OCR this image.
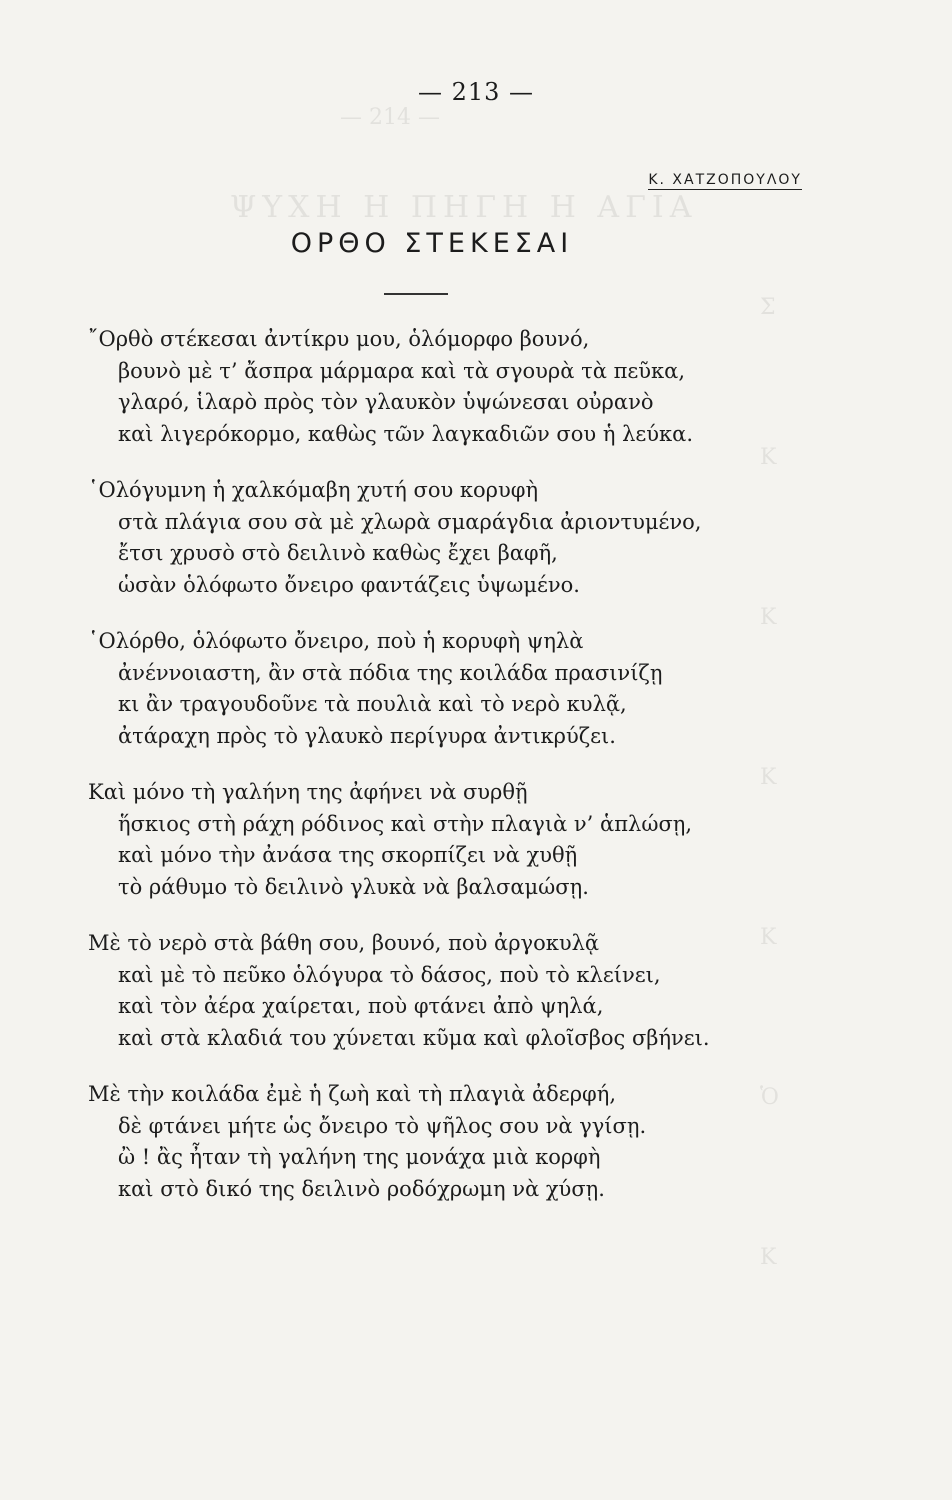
— 214 —
ΨΥΧΗ Η ΠΗΓΗ Η ΑΓΙΑ
Σ
Κ
Κ
Κ
Κ
Ὁ
Κ
— 213 —
Κ. ΧΑΤΖΟΠΟΥΛΟΥ
ΟΡΘΟ ΣΤΕΚΕΣΑΙ
῎Ορθὸ στέκεσαι ἀντίκρυ μου, ὁλόμορφο βουνό,
βουνὸ μὲ τ’ ἄσπρα μάρμαρα καὶ τὰ σγουρὰ τὰ πεῦκα,
γλαρό, ἱλαρὸ πρὸς τὸν γλαυκὸν ὑψώνεσαι οὐρανὸ
καὶ λιγερόκορμο, καθὼς τῶν λαγκαδιῶν σου ἡ λεύκα.
῾Ολόγυμνη ἡ χαλκόμαβη χυτή σου κορυφὴ
στὰ πλάγια σου σὰ μὲ χλωρὰ σμαράγδια ἀριοντυμένο,
ἔτσι χρυσὸ στὸ δειλινὸ καθὼς ἔχει βαφῆ,
ὡσὰν ὁλόφωτο ὄνειρο φαντάζεις ὑψωμένο.
῾Ολόρθο, ὁλόφωτο ὄνειρο, ποὺ ἡ κορυφὴ ψηλὰ
ἀνέννοιαστη, ἂν στὰ πόδια της κοιλάδα πρασινίζῃ
κι ἂν τραγουδοῦνε τὰ πουλιὰ καὶ τὸ νερὸ κυλᾷ,
ἀτάραχη πρὸς τὸ γλαυκὸ περίγυρα ἀντικρύζει.
Καὶ μόνο τὴ γαλήνη της ἀφήνει νὰ συρθῇ
ἥσκιος στὴ ράχη ρόδινος καὶ στὴν πλαγιὰ ν’ ἁπλώσῃ,
καὶ μόνο τὴν ἀνάσα της σκορπίζει νὰ χυθῇ
τὸ ράθυμο τὸ δειλινὸ γλυκὰ νὰ βαλσαμώσῃ.
Μὲ τὸ νερὸ στὰ βάθη σου, βουνό, ποὺ ἀργοκυλᾷ
καὶ μὲ τὸ πεῦκο ὁλόγυρα τὸ δάσος, ποὺ τὸ κλείνει,
καὶ τὸν ἀέρα χαίρεται, ποὺ φτάνει ἀπὸ ψηλά,
καὶ στὰ κλαδιά του χύνεται κῦμα καὶ φλοῖσβος σβήνει.
Μὲ τὴν κοιλάδα ἐμὲ ἡ ζωὴ καὶ τὴ πλαγιὰ ἀδερφή,
δὲ φτάνει μήτε ὡς ὄνειρο τὸ ψῆλος σου νὰ γγίσῃ.
ὢ ! ἂς ἦταν τὴ γαλήνη της μονάχα μιὰ κορφὴ
καὶ στὸ δικό της δειλινὸ ροδόχρωμη νὰ χύσῃ.
